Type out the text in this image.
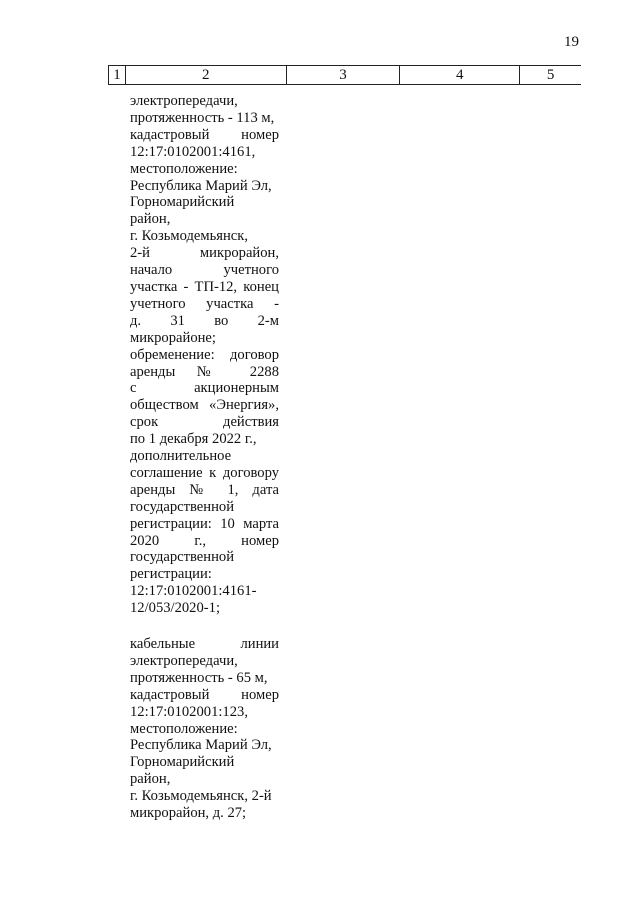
19
1	2	3	4	5
электропередачи,
протяженность - 113 м,
кадастровый номер
12:17:0102001:4161,
местоположение:
Республика Марий Эл,
Горномарийский
район,
г. Козьмодемьянск,
2-й микрорайон,
начало учетного
участка - ТП-12, конец
учетного участка -
д. 31 во 2-м
микрорайоне;
обременение: договор
аренды № 2288
с акционерным
обществом «Энергия»,
срок действия
по 1 декабря 2022 г.,
дополнительное
соглашение к договору
аренды № 1, дата
государственной
регистрации: 10 марта
2020 г., номер
государственной
регистрации:
12:17:0102001:4161-
12/053/2020-1;
кабельные линии
электропередачи,
протяженность - 65 м,
кадастровый номер
12:17:0102001:123,
местоположение:
Республика Марий Эл,
Горномарийский
район,
г. Козьмодемьянск, 2-й
микрорайон, д. 27;
